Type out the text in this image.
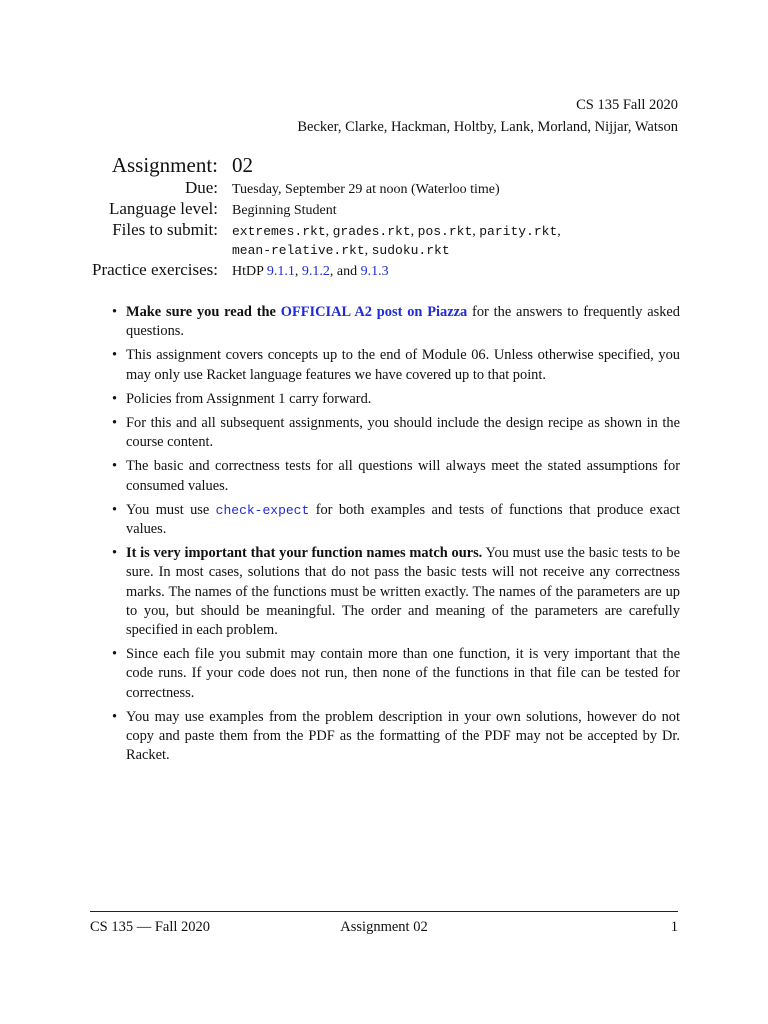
CS 135 Fall 2020
Becker, Clarke, Hackman, Holtby, Lank, Morland, Nijjar, Watson
Assignment: 02
Due:	Tuesday, September 29 at noon (Waterloo time)
Language level:	Beginning Student
Files to submit:	extremes.rkt, grades.rkt, pos.rkt, parity.rkt,
mean-relative.rkt, sudoku.rkt
Practice exercises:	HtDP 9.1.1, 9.1.2, and 9.1.3
• Make sure you read the OFFICIAL A2 post on Piazza for the answers to frequently asked questions.
• This assignment covers concepts up to the end of Module 06. Unless otherwise specified, you may only use Racket language features we have covered up to that point.
• Policies from Assignment 1 carry forward.
• For this and all subsequent assignments, you should include the design recipe as shown in the course content.
• The basic and correctness tests for all questions will always meet the stated assumptions for consumed values.
• You must use check-expect for both examples and tests of functions that produce exact values.
• It is very important that your function names match ours. You must use the basic tests to be sure. In most cases, solutions that do not pass the basic tests will not receive any correctness marks. The names of the functions must be written exactly. The names of the parameters are up to you, but should be meaningful. The order and meaning of the parameters are carefully specified in each problem.
• Since each file you submit may contain more than one function, it is very important that the code runs. If your code does not run, then none of the functions in that file can be tested for correctness.
• You may use examples from the problem description in your own solutions, however do not copy and paste them from the PDF as the formatting of the PDF may not be accepted by Dr. Racket.
Assignment 02
CS 135 — Fall 2020	1
